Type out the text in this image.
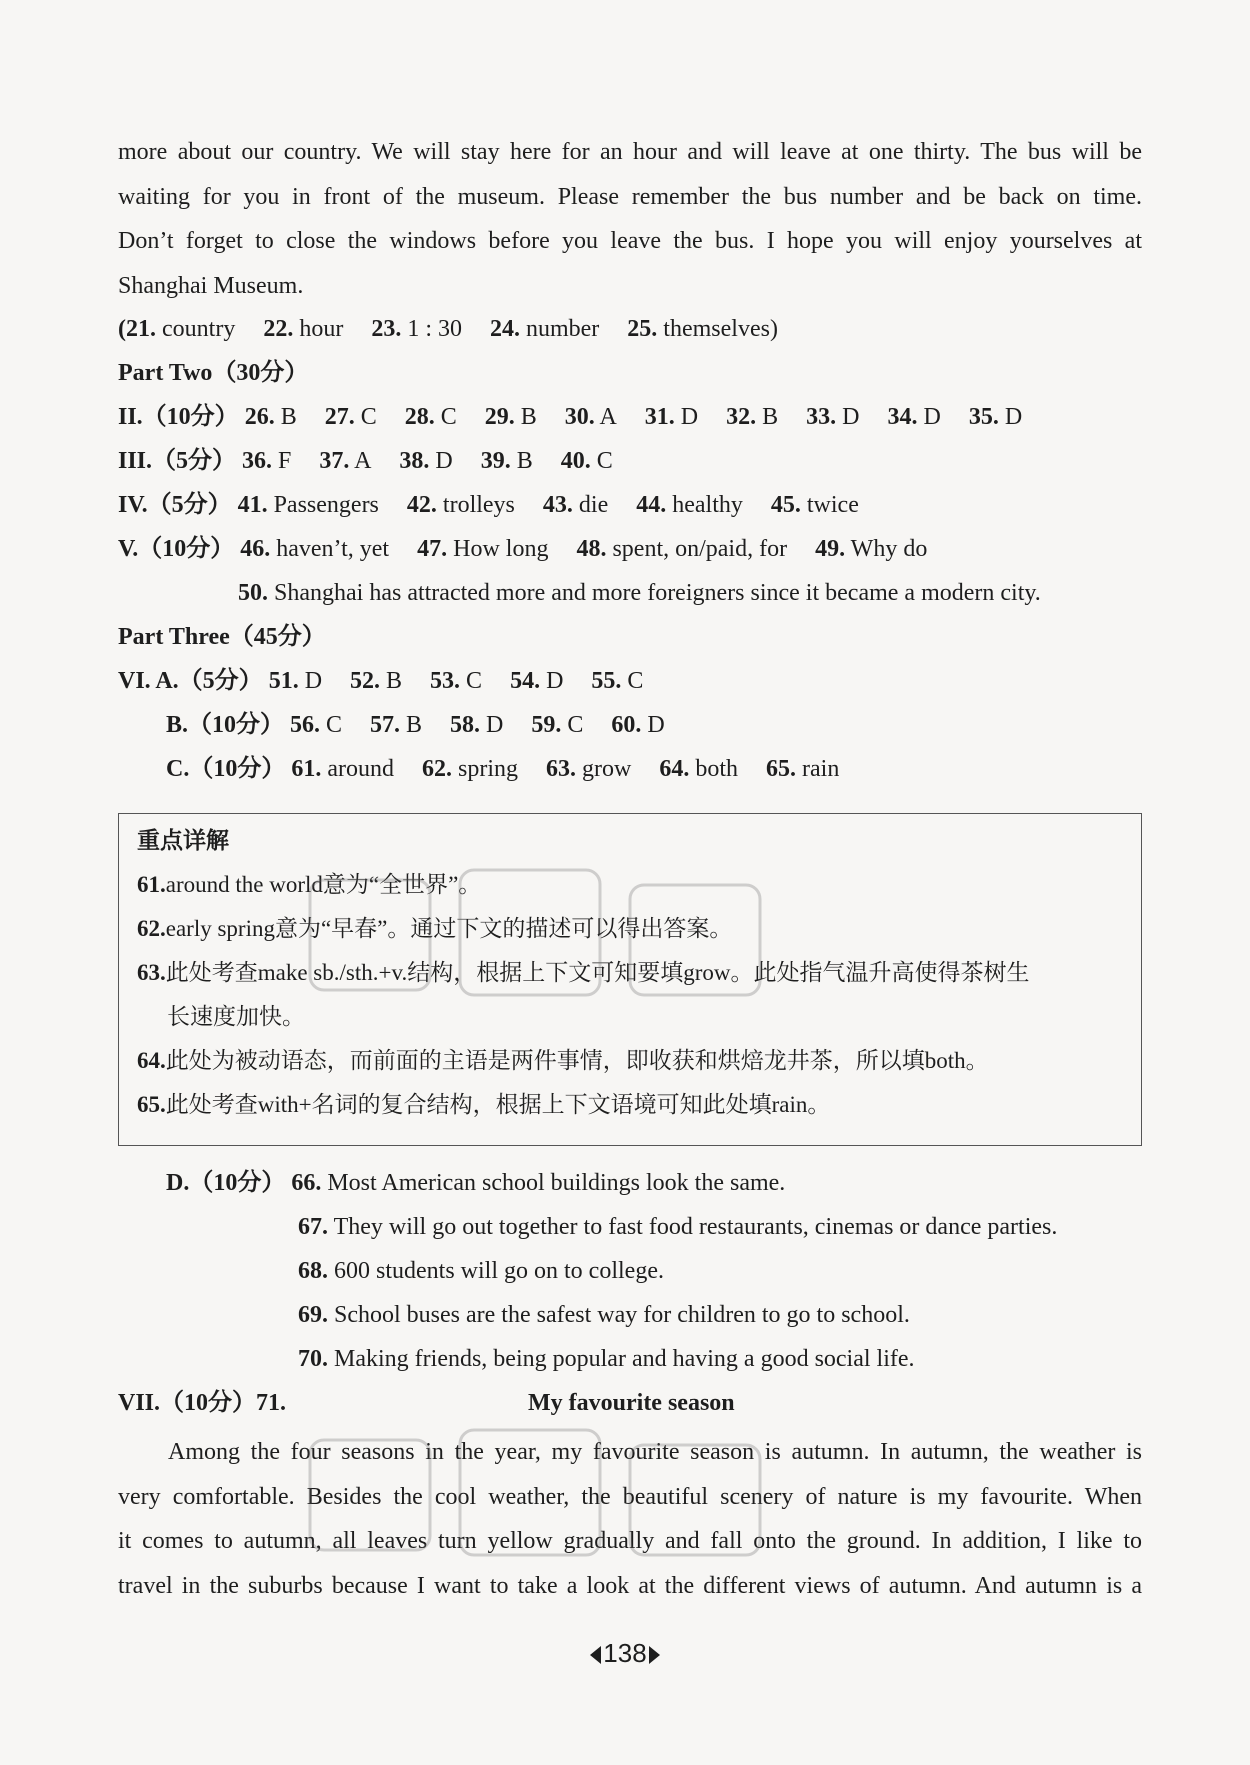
more about our country. We will stay here for an hour and will leave at one thirty. The bus will be
waiting for you in front of the museum. Please remember the bus number and be back on time.
Don’t forget to close the windows before you leave the bus. I hope you will enjoy yourselves at
Shanghai Museum.
(21. country 22. hour 23. 1 : 30 24. number 25. themselves)
Part Two（30分）
II.（10分） 26. B 27. C 28. C 29. B 30. A 31. D 32. B 33. D 34. D 35. D
III.（5分） 36. F 37. A 38. D 39. B 40. C
IV.（5分） 41. Passengers 42. trolleys 43. die 44. healthy 45. twice
V.（10分） 46. haven’t, yet 47. How long 48. spent, on/paid, for 49. Why do
50. Shanghai has attracted more and more foreigners since it became a modern city.
Part Three（45分）
VI. A.（5分） 51. D 52. B 53. C 54. D 55. C
B.（10分） 56. C 57. B 58. D 59. C 60. D
C.（10分） 61. around 62. spring 63. grow 64. both 65. rain
重点详解
61.around the world意为“全世界”。
62.early spring意为“早春”。通过下文的描述可以得出答案。
63.此处考查make sb./sth.+v.结构，根据上下文可知要填grow。此处指气温升高使得茶树生
长速度加快。
64.此处为被动语态，而前面的主语是两件事情，即收获和烘焙龙井茶，所以填both。
65.此处考查with+名词的复合结构，根据上下文语境可知此处填rain。
D.（10分） 66. Most American school buildings look the same.
67. They will go out together to fast food restaurants, cinemas or dance parties.
68. 600 students will go on to college.
69. School buses are the safest way for children to go to school.
70. Making friends, being popular and having a good social life.
VII.（10分）71.	My favourite season
Among the four seasons in the year, my favourite season is autumn. In autumn, the weather is
very comfortable. Besides the cool weather, the beautiful scenery of nature is my favourite. When
it comes to autumn, all leaves turn yellow gradually and fall onto the ground. In addition, I like to
travel in the suburbs because I want to take a look at the different views of autumn. And autumn is a
138
